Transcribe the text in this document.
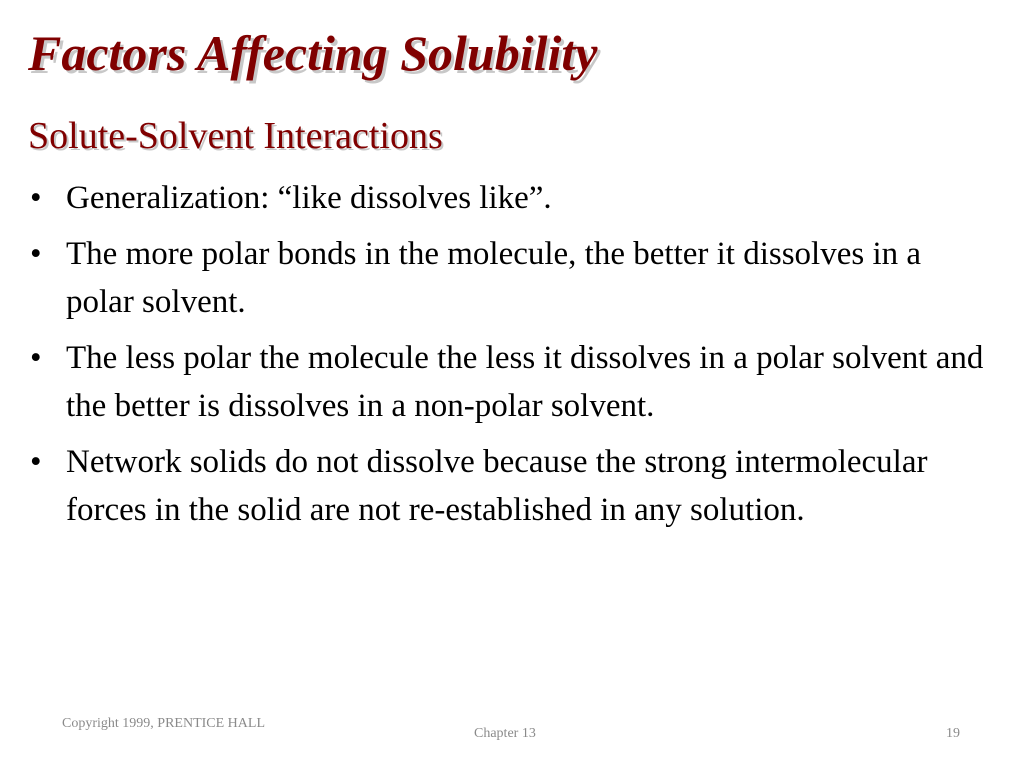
Factors Affecting Solubility
Solute-Solvent Interactions
• Generalization: “like dissolves like”.
• The more polar bonds in the molecule, the better it dissolves in a polar solvent.
• The less polar the molecule the less it dissolves in a polar solvent and the better is dissolves in a non-polar solvent.
• Network solids do not dissolve because the strong intermolecular forces in the solid are not re-established in any solution.
Copyright 1999, PRENTICE HALL
Chapter 13	19
